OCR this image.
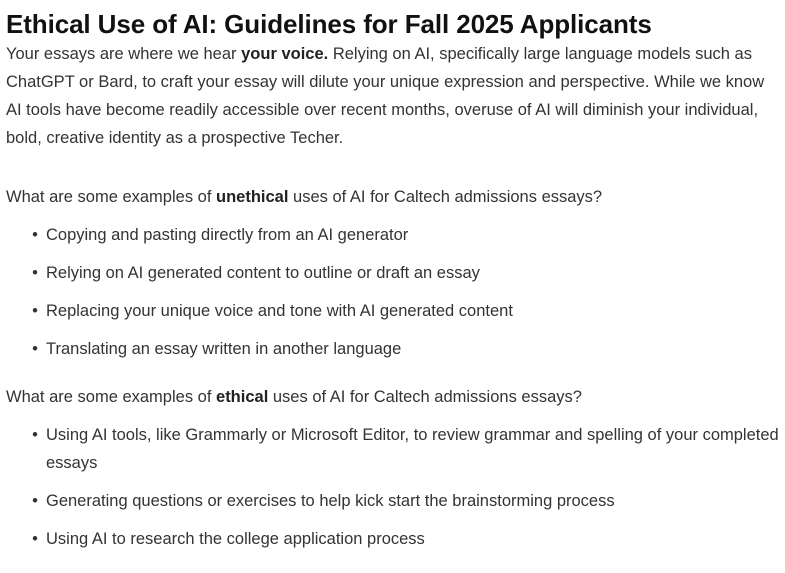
Ethical Use of AI: Guidelines for Fall 2025 Applicants

Your essays are where we hear your voice. Relying on AI, specifically large language models such as ChatGPT or Bard, to craft your essay will dilute your unique expression and perspective. While we know AI tools have become readily accessible over recent months, overuse of AI will diminish your individual, bold, creative identity as a prospective Techer.

What are some examples of unethical uses of AI for Caltech admissions essays?

• Copying and pasting directly from an AI generator
• Relying on AI generated content to outline or draft an essay
• Replacing your unique voice and tone with AI generated content
• Translating an essay written in another language

What are some examples of ethical uses of AI for Caltech admissions essays?

• Using AI tools, like Grammarly or Microsoft Editor, to review grammar and spelling of your completed essays
• Generating questions or exercises to help kick start the brainstorming process
• Using AI to research the college application process
